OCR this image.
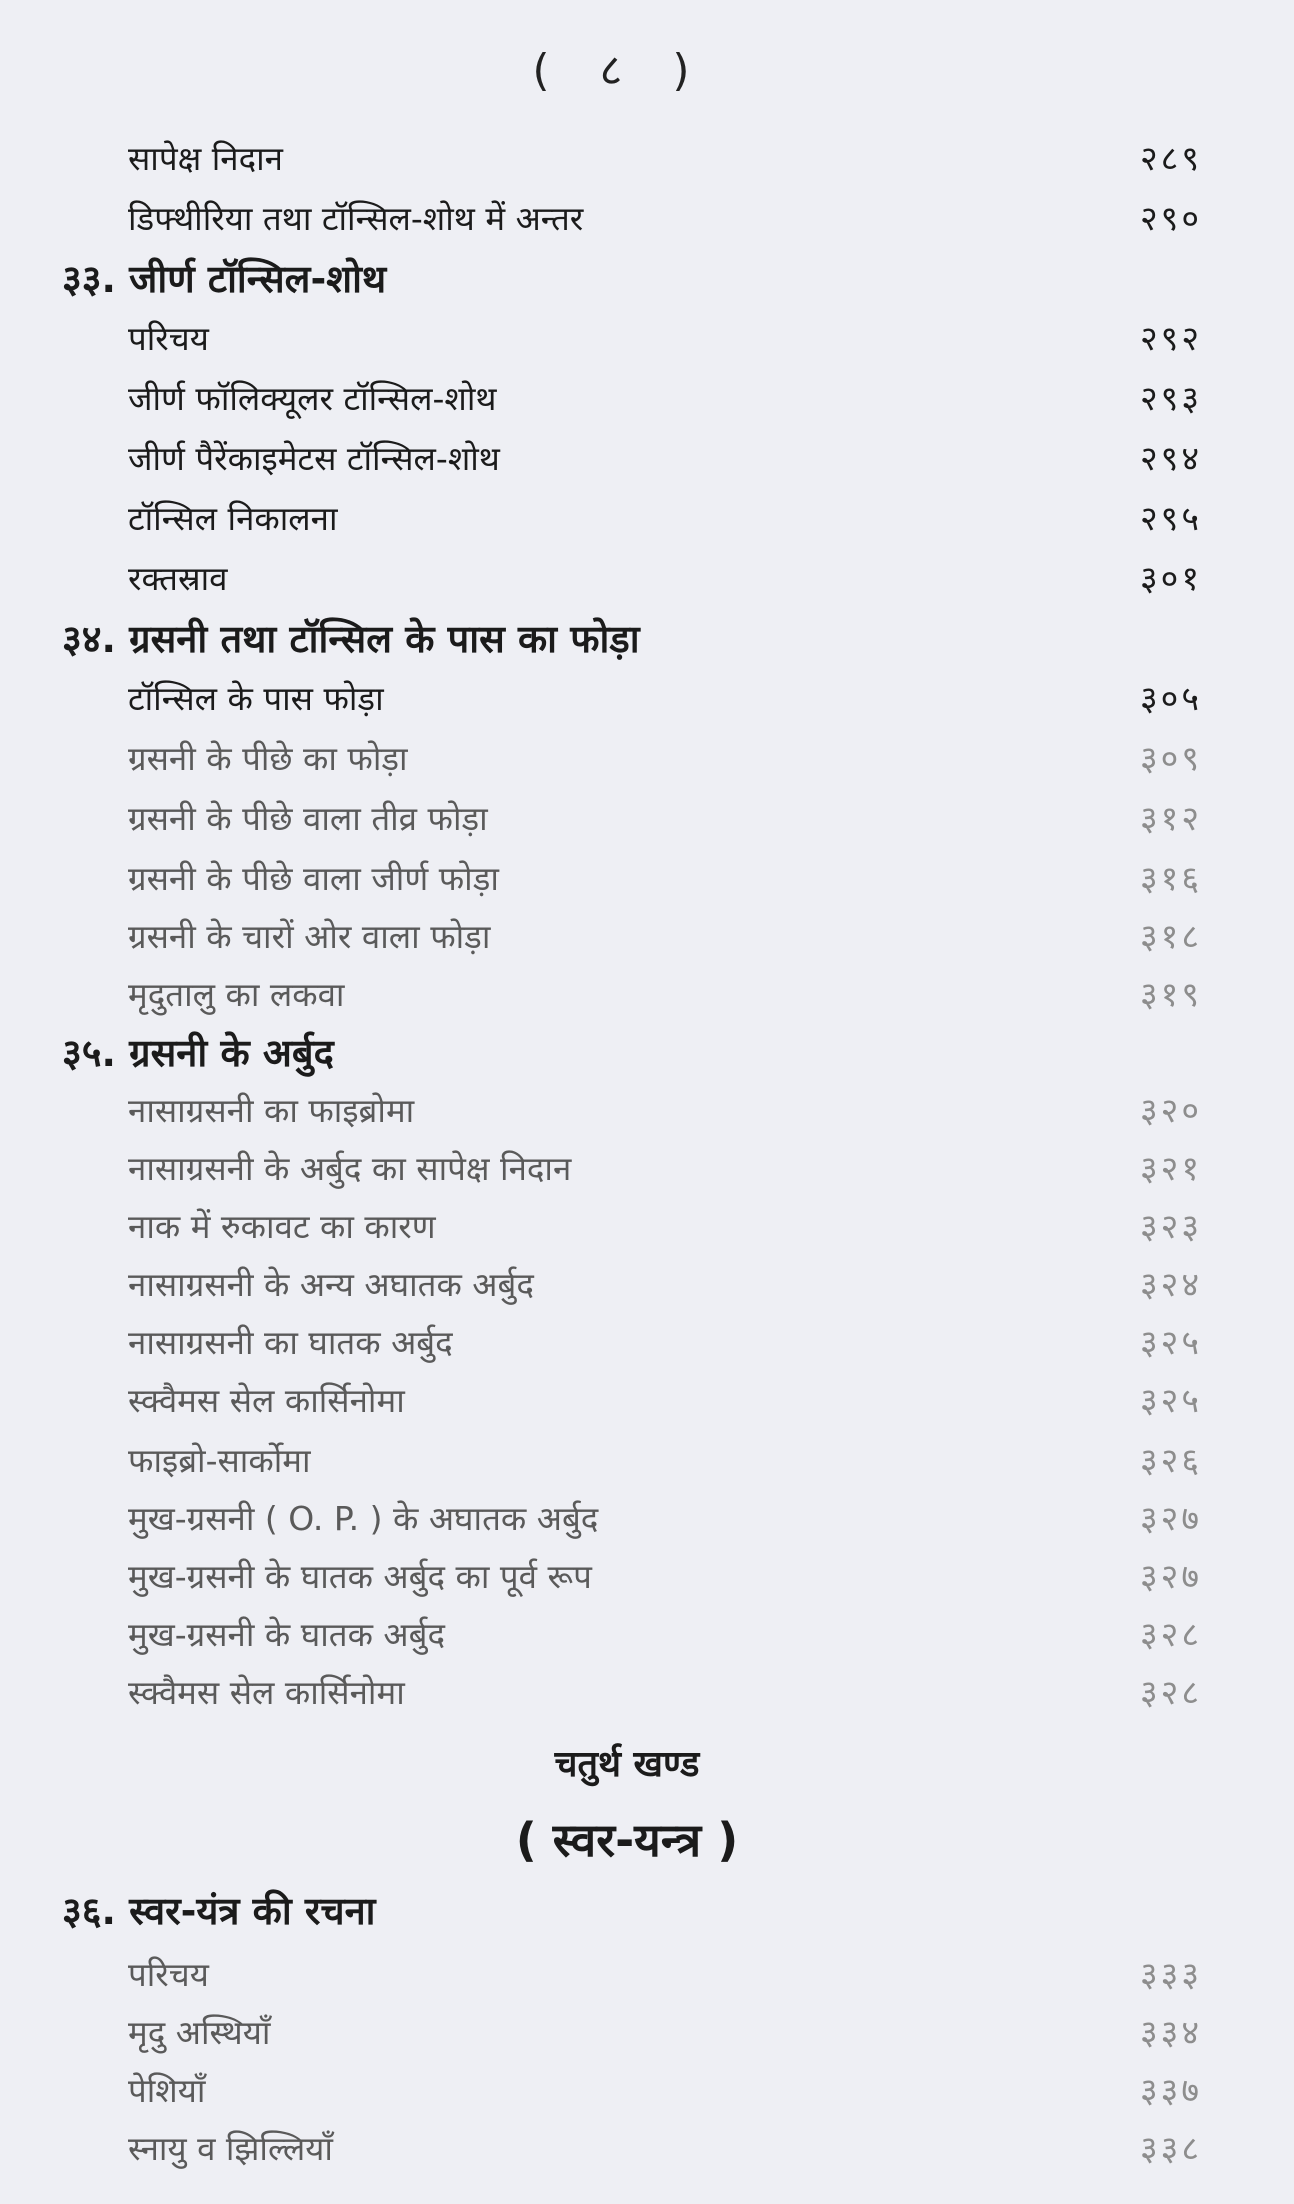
( ८ )
सापेक्ष निदान	२८९
डिफ्थीरिया तथा टॉन्सिल-शोथ में अन्तर	२९०
३३. जीर्ण टॉन्सिल-शोथ
परिचय	२९२
जीर्ण फॉलिक्यूलर टॉन्सिल-शोथ	२९३
जीर्ण पैरेंकाइमेटस टॉन्सिल-शोथ	२९४
टॉन्सिल निकालना	२९५
रक्तस्राव	३०१
३४. ग्रसनी तथा टॉन्सिल के पास का फोड़ा
टॉन्सिल के पास फोड़ा	३०५
ग्रसनी के पीछे का फोड़ा	३०९
ग्रसनी के पीछे वाला तीव्र फोड़ा	३१२
ग्रसनी के पीछे वाला जीर्ण फोड़ा	३१६
ग्रसनी के चारों ओर वाला फोड़ा	३१८
मृदुतालु का लकवा	३१९
३५. ग्रसनी के अर्बुद
नासाग्रसनी का फाइब्रोमा	३२०
नासाग्रसनी के अर्बुद का सापेक्ष निदान	३२१
नाक में रुकावट का कारण	३२३
नासाग्रसनी के अन्य अघातक अर्बुद	३२४
नासाग्रसनी का घातक अर्बुद	३२५
स्क्वैमस सेल कार्सिनोमा	३२५
फाइब्रो-सार्कोमा	३२६
मुख-ग्रसनी ( O. P. ) के अघातक अर्बुद	३२७
मुख-ग्रसनी के घातक अर्बुद का पूर्व रूप	३२७
मुख-ग्रसनी के घातक अर्बुद	३२८
स्क्वैमस सेल कार्सिनोमा	३२८
३६. स्वर-यंत्र की रचना
परिचय	३३३
मृदु अस्थियाँ	३३४
पेशियाँ	३३७
स्नायु व झिल्लियाँ	३३८
चतुर्थ खण्ड
( स्वर-यन्त्र )
